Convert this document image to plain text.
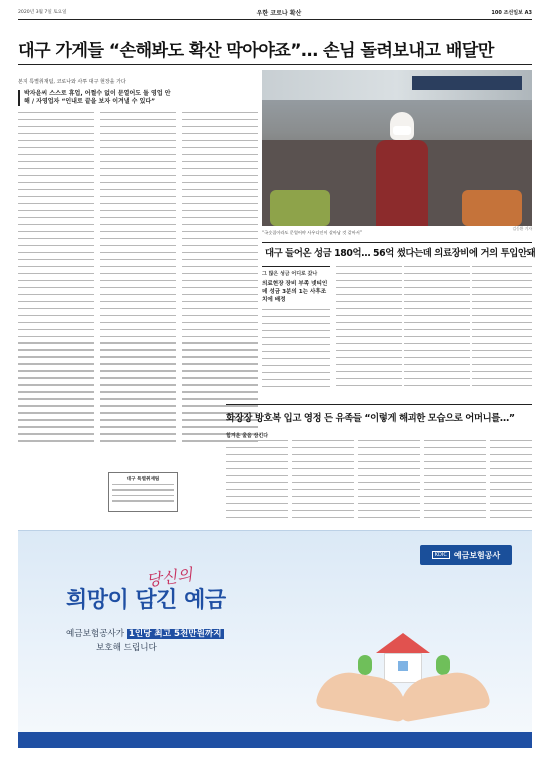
2020년 3월 7일 토요일	우한 코로나 확산	100 조선일보 A3
대구 가게들 “손해봐도 확산 막아야죠”… 손님 돌려보내고 배달만
본지 특별취재팀, 코로나와 사투 대구 현장을 가다
박자윤씨 스스로 휴업, 어쩔수 없이 문열어도 돌 영업 안 해 / 자영업자 “인내로 끝을 보자 이겨낼 수 있다”
김동환 기자
“국숫집이라도 문열어야 사우디인이 살아남 것 같아서”
대구 들어온 성금 180억… 56억 썼다는데 의료장비에 거의 투입안돼
그 많은 성금 어디로 갔나
의료현장 장비 부족 넷티인데 성금 3분의 1는 사후조치에 배정
화장장 방호복 입고 영정 든 유족들 “이렇게 해괴한 모습으로 어머니를…”
힘겨운 울음 삼킨다
대구 특별취재팀
KDIC 예금보험공사
당신의
희망이 담긴 예금
예금보험공사가 1인당 최고 5천만원까지
보호해 드립니다
